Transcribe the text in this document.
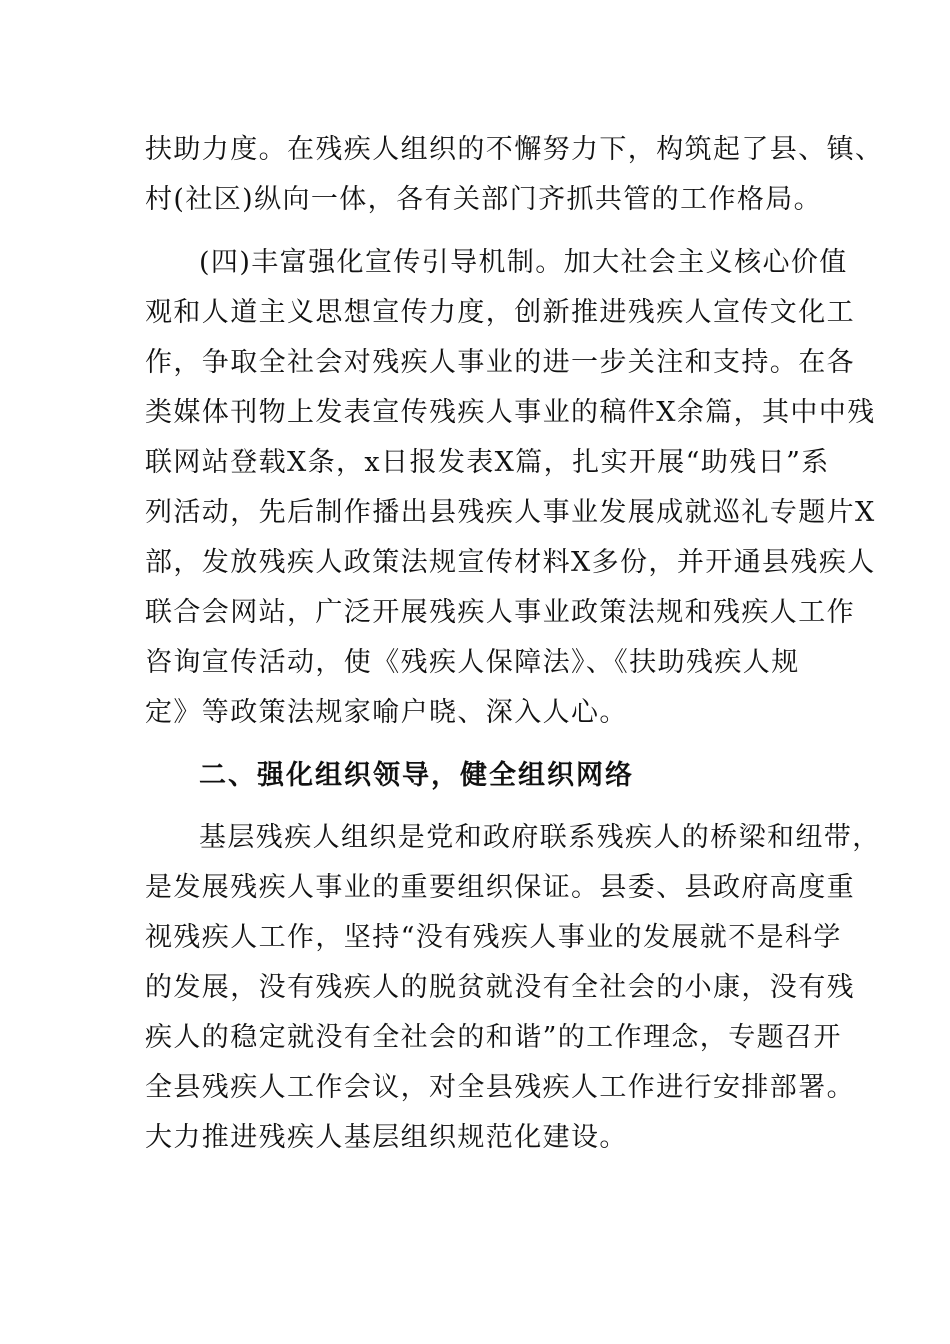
扶助力度。在残疾人组织的不懈努力下，构筑起了县、镇、
村(社区)纵向一体，各有关部门齐抓共管的工作格局。
(四)丰富强化宣传引导机制。加大社会主义核心价值
观和人道主义思想宣传力度，创新推进残疾人宣传文化工
作，争取全社会对残疾人事业的进一步关注和支持。在各
类媒体刊物上发表宣传残疾人事业的稿件X余篇，其中中残
联网站登载X条，x日报发表X篇，扎实开展“助残日”系
列活动，先后制作播出县残疾人事业发展成就巡礼专题片X
部，发放残疾人政策法规宣传材料X多份，并开通县残疾人
联合会网站，广泛开展残疾人事业政策法规和残疾人工作
咨询宣传活动，使《残疾人保障法》、《扶助残疾人规
定》等政策法规家喻户晓、深入人心。
二、强化组织领导，健全组织网络
基层残疾人组织是党和政府联系残疾人的桥梁和纽带，
是发展残疾人事业的重要组织保证。县委、县政府高度重
视残疾人工作，坚持“没有残疾人事业的发展就不是科学
的发展，没有残疾人的脱贫就没有全社会的小康，没有残
疾人的稳定就没有全社会的和谐”的工作理念，专题召开
全县残疾人工作会议，对全县残疾人工作进行安排部署。
大力推进残疾人基层组织规范化建设。
